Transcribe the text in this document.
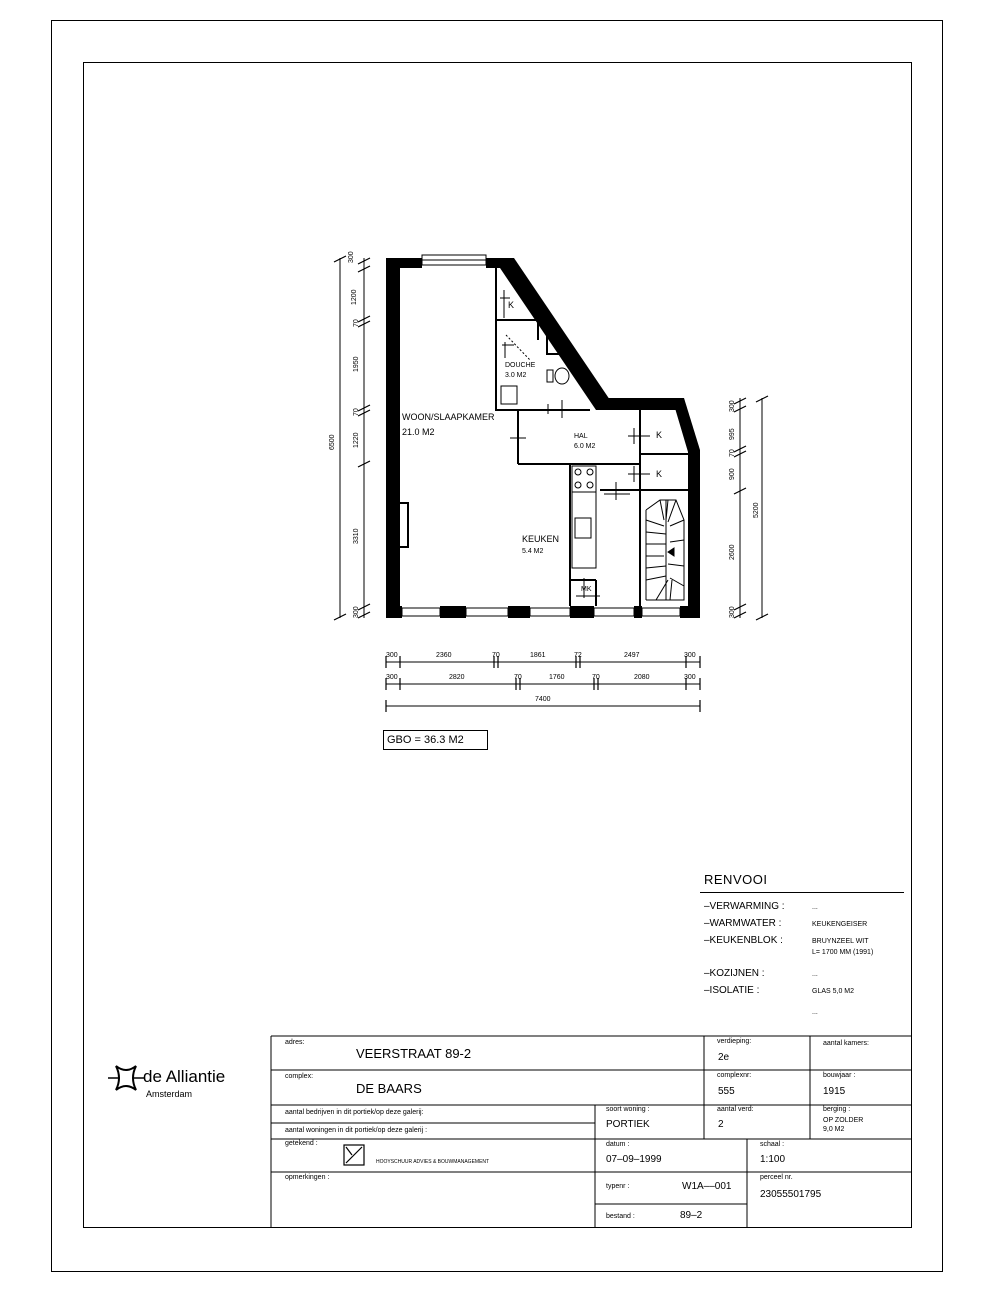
WOON/SLAAPKAMER
21.0 M2
DOUCHE
3.0 M2
HAL
6.0 M2
KEUKEN
5.4 M2
K
K
K
MK
300
1200
70
1950
70
1220
3310
300
6500
300
995
70
900
2600
300
5200
300	2360	70	1861	72	2497	300
300	2820	70	1760	70	2080	300
7400
GBO = 36.3 M2
RENVOOI
–VERWARMING :	...
–WARMWATER :	KEUKENGEISER
–KEUKENBLOK :	BRUYNZEEL WIT
L= 1700 MM (1991)
–KOZIJNEN :	...
–ISOLATIE :	GLAS 5,0 M2
...
de Alliantie
Amsterdam
adres:
VEERSTRAAT 89-2
verdieping:
2e
aantal kamers:
complex:
DE BAARS
complexnr:
555
bouwjaar :
1915
aantal bedrijven in dit portiek/op deze galerij:
aantal woningen in dit portiek/op deze galerij :
soort woning :
PORTIEK
aantal verd:
2
berging :
OP ZOLDER
9,0 M2
getekend :
HOOYSCHUUR ADVIES & BOUWMANAGEMENT
datum :
07–09–1999
schaal :
1:100
opmerkingen :
typenr :	W1A––001
perceel nr.
23055501795
bestand :	89–2
